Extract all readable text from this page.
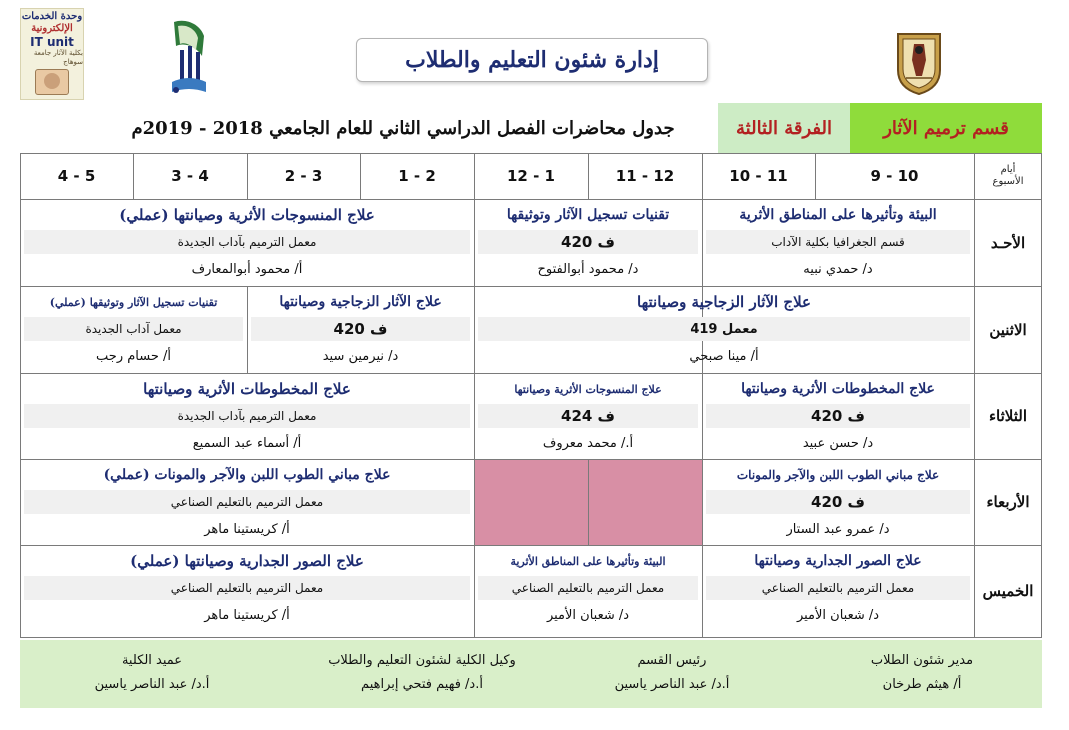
وحدة الخدمات
الإلكترونية
IT unit
بكلية الآثار جامعة سوهاج	إدارة شئون التعليم والطلاب
قسم ترميم الآثار
الفرقة الثالثة
جدول محاضرات الفصل الدراسي الثاني للعام الجامعي 2018 - 2019م
9 - 10
10 - 11
11 - 12
12 - 1
1 - 2
2 - 3
3 - 4
4 - 5	أيام
الأسبوع
الأحـد
الاثنين
الثلاثاء
الأربعاء
الخميس
البيئة وتأثيرها على المناطق الأثرية
قسم الجغرافيا بكلية الآداب
د/ حمدي نبيه
تقنيات تسجيل الآثار وتوثيقها
ف 420
د/ محمود أبوالفتوح
علاج المنسوجات الأثرية وصيانتها (عملي)
معمل الترميم بآداب الجديدة
أ/ محمود أبوالمعارف
علاج الآثار الزجاجية وصيانتها
معمل 419
أ/ مينا صبحي
علاج الآثار الزجاجية وصيانتها
ف 420
د/ نيرمين سيد
تقنيات تسجيل الآثار وتوثيقها (عملي)
معمل آداب الجديدة
أ/ حسام رجب
علاج المخطوطات الأثرية وصيانتها
ف 420
د/ حسن عبيد
علاج المنسوجات الأثرية وصيانتها
ف 424
أ./ محمد معروف
علاج المخطوطات الأثرية وصيانتها
معمل الترميم بآداب الجديدة
أ/ أسماء عبد السميع
علاج مباني الطوب اللبن والآجر والمونات
ف 420
د/ عمرو عبد الستار
علاج مباني الطوب اللبن والآجر والمونات (عملي)
معمل الترميم بالتعليم الصناعي
أ/ كريستينا ماهر
علاج الصور الجدارية وصيانتها
معمل الترميم بالتعليم الصناعي
د/ شعبان الأمير
البيئة وتأثيرها على المناطق الأثرية
معمل الترميم بالتعليم الصناعي
د/ شعبان الأمير
علاج الصور الجدارية وصيانتها (عملي)
معمل الترميم بالتعليم الصناعي
أ/ كريستينا ماهر
مدير شئون الطلاب
أ/ هيثم طرخان
رئيس القسم
أ.د/ عبد الناصر ياسين
وكيل الكلية لشئون التعليم والطلاب
أ.د/ فهيم فتحي إبراهيم
عميد الكلية
أ.د/ عبد الناصر ياسين
